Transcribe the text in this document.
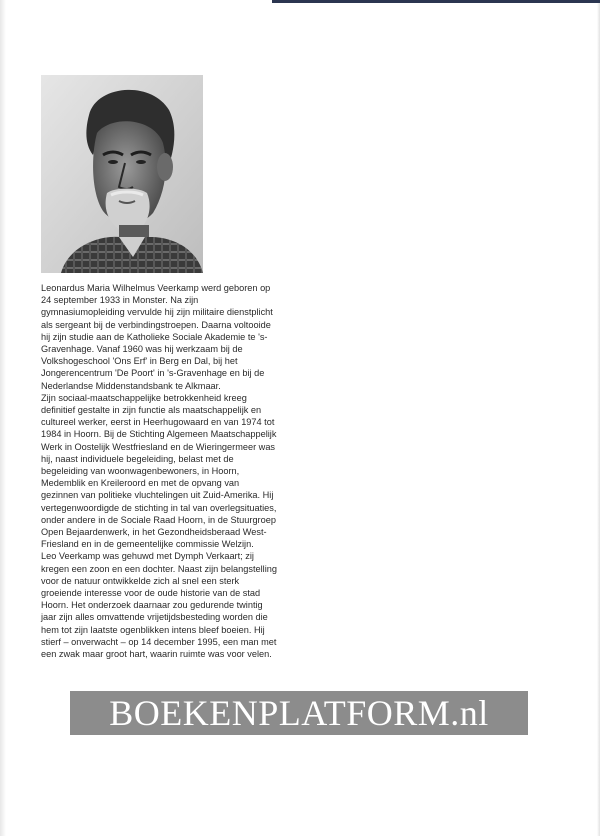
Leonardus Maria Wilhelmus Veerkamp werd geboren op 24 september 1933 in Monster. Na zijn gymnasiumopleiding vervulde hij zijn militaire dienstplicht als sergeant bij de verbindingstroepen. Daarna voltooide hij zijn studie aan de Katholieke Sociale Akademie te 's-Gravenhage. Vanaf 1960 was hij werkzaam bij de Volkshogeschool 'Ons Erf' in Berg en Dal, bij het Jongerencentrum 'De Poort' in 's-Gravenhage en bij de Nederlandse Middenstandsbank te Alkmaar.

Zijn sociaal-maatschappelijke betrokkenheid kreeg definitief gestalte in zijn functie als maatschappelijk en cultureel werker, eerst in Heerhugowaard en van 1974 tot 1984 in Hoorn. Bij de Stichting Algemeen Maatschappelijk Werk in Oostelijk Westfriesland en de Wieringermeer was hij, naast individuele begeleiding, belast met de begeleiding van woonwagenbewoners, in Hoorn, Medemblik en Kreileroord en met de opvang van gezinnen van politieke vluchtelingen uit Zuid-Amerika. Hij vertegenwoordigde de stichting in tal van overlegsituaties, onder andere in de Sociale Raad Hoorn, in de Stuurgroep Open Bejaardenwerk, in het Gezondheidsberaad West-Friesland en in de gemeentelijke commissie Welzijn.

Leo Veerkamp was gehuwd met Dymph Verkaart; zij kregen een zoon en een dochter. Naast zijn belangstelling voor de natuur ontwikkelde zich al snel een sterk groeiende interesse voor de oude historie van de stad Hoorn. Het onderzoek daarnaar zou gedurende twintig jaar zijn alles omvattende vrijetijdsbesteding worden die hem tot zijn laatste ogenblikken intens bleef boeien. Hij stierf – onverwacht – op 14 december 1995, een man met een zwak maar groot hart, waarin ruimte was voor velen.

BOEKENPLATFORM.nl
